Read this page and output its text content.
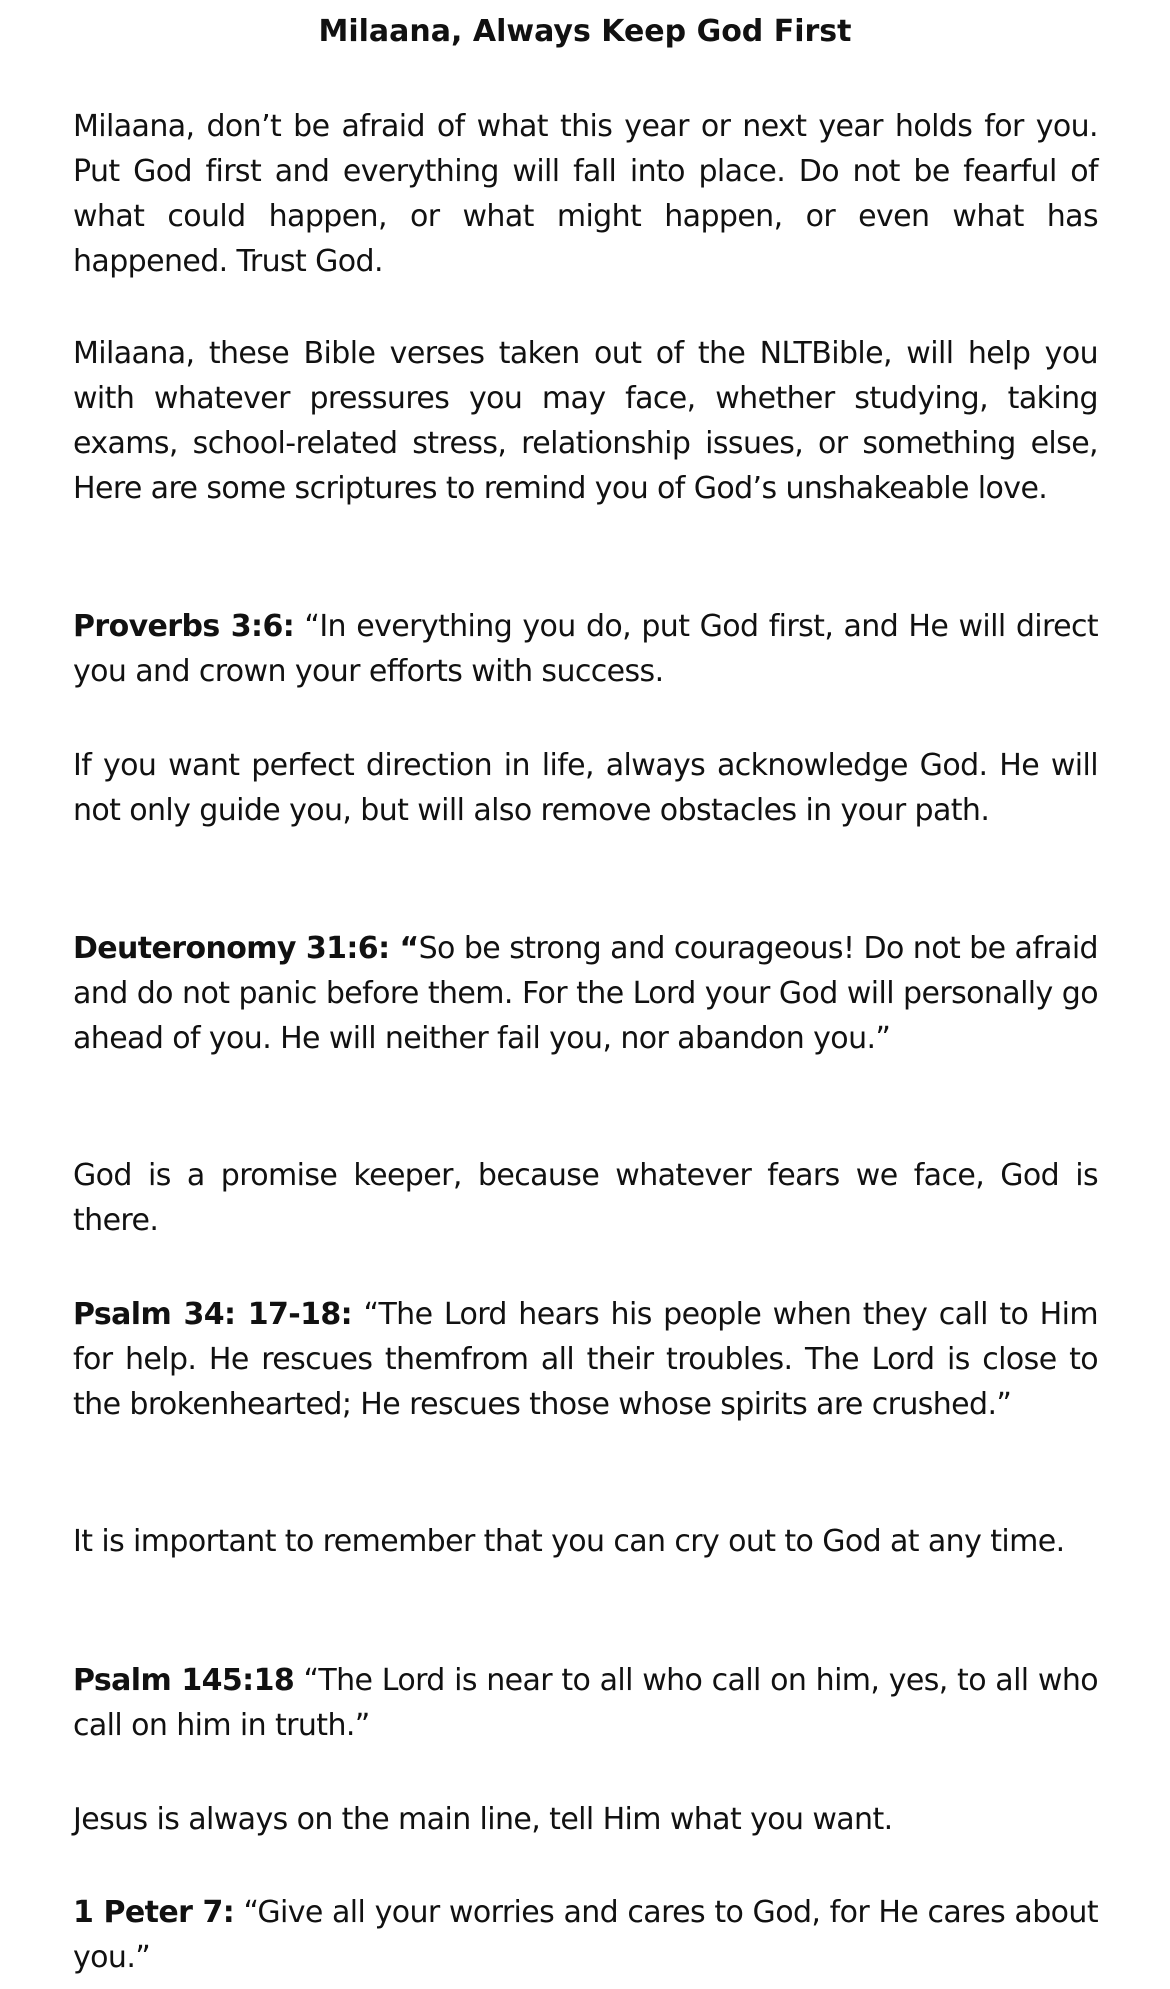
Milaana, Always Keep God First

Milaana, don’t be afraid of what this year or next year holds for you. Put God first and everything will fall into place. Do not be fearful of what could happen, or what might happen, or even what has happened. Trust God.

Milaana, these Bible verses taken out of the NLTBible, will help you with whatever pressures you may face, whether studying, taking exams, school-related stress, relationship issues, or something else, Here are some scriptures to remind you of God’s unshakeable love.

Proverbs 3:6: “In everything you do, put God first, and He will direct you and crown your efforts with success.

If you want perfect direction in life, always acknowledge God. He will not only guide you, but will also remove obstacles in your path.

Deuteronomy 31:6: “So be strong and courageous! Do not be afraid and do not panic before them. For the Lord your God will personally go ahead of you. He will neither fail you, nor abandon you.”

God is a promise keeper, because whatever fears we face, God is there.

Psalm 34: 17-18: “The Lord hears his people when they call to Him for help. He rescues themfrom all their troubles. The Lord is close to the brokenhearted; He rescues those whose spirits are crushed.”

It is important to remember that you can cry out to God at any time.

Psalm 145:18 “The Lord is near to all who call on him, yes, to all who call on him in truth.”

Jesus is always on the main line, tell Him what you want.

1 Peter 7: “Give all your worries and cares to God, for He cares about you.”
